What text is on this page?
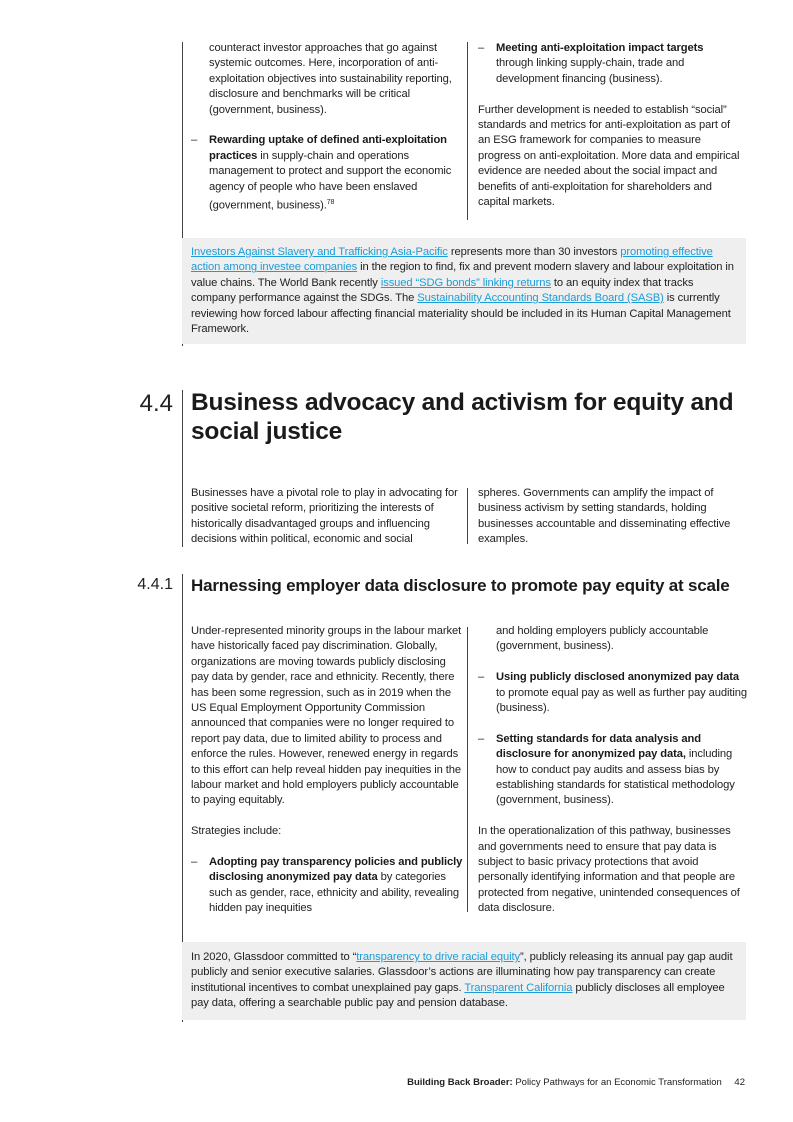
counteract investor approaches that go against systemic outcomes. Here, incorporation of anti-exploitation objectives into sustainability reporting, disclosure and benchmarks will be critical (government, business).

– Rewarding uptake of defined anti-exploitation practices in supply-chain and operations management to protect and support the economic agency of people who have been enslaved (government, business).$^{78}$

– Meeting anti-exploitation impact targets through linking supply-chain, trade and development financing (business).

Further development is needed to establish “social” standards and metrics for anti-exploitation as part of an ESG framework for companies to measure progress on anti-exploitation. More data and empirical evidence are needed about the social impact and benefits of anti-exploitation for shareholders and capital markets.

Investors Against Slavery and Trafficking Asia-Pacific represents more than 30 investors promoting effective action among investee companies in the region to find, fix and prevent modern slavery and labour exploitation in value chains. The World Bank recently issued “SDG bonds” linking returns to an equity index that tracks company performance against the SDGs. The Sustainability Accounting Standards Board (SASB) is currently reviewing how forced labour affecting financial materiality should be included in its Human Capital Management Framework.
4.4 Business advocacy and activism for equity and social justice

Businesses have a pivotal role to play in advocating for positive societal reform, prioritizing the interests of historically disadvantaged groups and influencing decisions within political, economic and social

spheres. Governments can amplify the impact of business activism by setting standards, holding businesses accountable and disseminating effective examples.

4.4.1 Harnessing employer data disclosure to promote pay equity at scale

Under-represented minority groups in the labour market have historically faced pay discrimination. Globally, organizations are moving towards publicly disclosing pay data by gender, race and ethnicity. Recently, there has been some regression, such as in 2019 when the US Equal Employment Opportunity Commission announced that companies were no longer required to report pay data, due to limited ability to process and enforce the rules. However, renewed energy in regards to this effort can help reveal hidden pay inequities in the labour market and hold employers publicly accountable to paying equitably.

Strategies include:

– Adopting pay transparency policies and publicly disclosing anonymized pay data by categories such as gender, race, ethnicity and ability, revealing hidden pay inequities

and holding employers publicly accountable (government, business).

– Using publicly disclosed anonymized pay data to promote equal pay as well as further pay auditing (business).

– Setting standards for data analysis and disclosure for anonymized pay data, including how to conduct pay audits and assess bias by establishing standards for statistical methodology (government, business).

In the operationalization of this pathway, businesses and governments need to ensure that pay data is subject to basic privacy protections that avoid personally identifying information and that people are protected from negative, unintended consequences of data disclosure.

In 2020, Glassdoor committed to “transparency to drive racial equity”, publicly releasing its annual pay gap audit publicly and senior executive salaries. Glassdoor’s actions are illuminating how pay transparency can create institutional incentives to combat unexplained pay gaps. Transparent California publicly discloses all employee pay data, offering a searchable public pay and pension database.
Building Back Broader: Policy Pathways for an Economic Transformation 42
